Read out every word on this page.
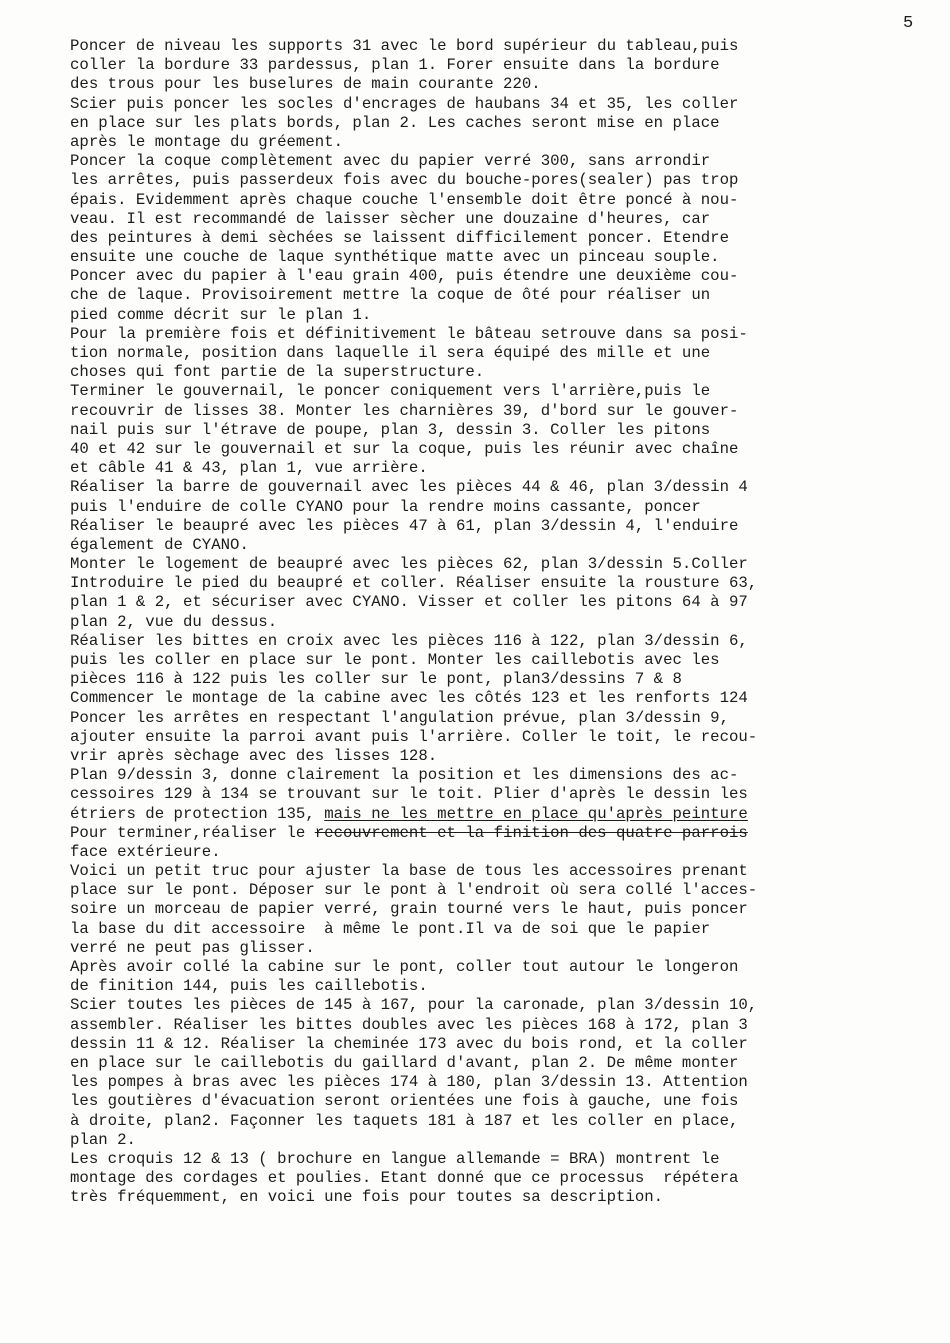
5
Poncer de niveau les supports 31 avec le bord supérieur du tableau,puis
coller la bordure 33 pardessus, plan 1. Forer ensuite dans la bordure
des trous pour les buselures de main courante 220.
Scier puis poncer les socles d'encrages de haubans 34 et 35, les coller
en place sur les plats bords, plan 2. Les caches seront mise en place
après le montage du gréement.
Poncer la coque complètement avec du papier verré 300, sans arrondir
les arrêtes, puis passerdeux fois avec du bouche-pores(sealer) pas trop
épais. Evidemment après chaque couche l'ensemble doit être poncé à nou-
veau. Il est recommandé de laisser sècher une douzaine d'heures, car
des peintures à demi sèchées se laissent difficilement poncer. Etendre
ensuite une couche de laque synthétique matte avec un pinceau souple.
Poncer avec du papier à l'eau grain 400, puis étendre une deuxième cou-
che de laque. Provisoirement mettre la coque de ôté pour réaliser un
pied comme décrit sur le plan 1.
Pour la première fois et définitivement le bâteau setrouve dans sa posi-
tion normale, position dans laquelle il sera équipé des mille et une
choses qui font partie de la superstructure.
Terminer le gouvernail, le poncer coniquement vers l'arrière,puis le
recouvrir de lisses 38. Monter les charnières 39, d'bord sur le gouver-
nail puis sur l'étrave de poupe, plan 3, dessin 3. Coller les pitons
40 et 42 sur le gouvernail et sur la coque, puis les réunir avec chaîne
et câble 41 & 43, plan 1, vue arrière.
Réaliser la barre de gouvernail avec les pièces 44 & 46, plan 3/dessin 4
puis l'enduire de colle CYANO pour la rendre moins cassante, poncer
Réaliser le beaupré avec les pièces 47 à 61, plan 3/dessin 4, l'enduire
également de CYANO.
Monter le logement de beaupré avec les pièces 62, plan 3/dessin 5.Coller
Introduire le pied du beaupré et coller. Réaliser ensuite la rousture 63,
plan 1 & 2, et sécuriser avec CYANO. Visser et coller les pitons 64 à 97
plan 2, vue du dessus.
Réaliser les bittes en croix avec les pièces 116 à 122, plan 3/dessin 6,
puis les coller en place sur le pont. Monter les caillebotis avec les
pièces 116 à 122 puis les coller sur le pont, plan3/dessins 7 & 8
Commencer le montage de la cabine avec les côtés 123 et les renforts 124
Poncer les arrêtes en respectant l'angulation prévue, plan 3/dessin 9,
ajouter ensuite la parroi avant puis l'arrière. Coller le toit, le recou-
vrir après sèchage avec des lisses 128.
Plan 9/dessin 3, donne clairement la position et les dimensions des ac-
cessoires 129 à 134 se trouvant sur le toit. Plier d'après le dessin les
étriers de protection 135, mais ne les mettre en place qu'après peinture
Pour terminer,réaliser le recouvrement et la finition des quatre parrois
face extérieure.
Voici un petit truc pour ajuster la base de tous les accessoires prenant
place sur le pont. Déposer sur le pont à l'endroit où sera collé l'acces-
soire un morceau de papier verré, grain tourné vers le haut, puis poncer
la base du dit accessoire  à même le pont.Il va de soi que le papier
verré ne peut pas glisser.
Après avoir collé la cabine sur le pont, coller tout autour le longeron
de finition 144, puis les caillebotis.
Scier toutes les pièces de 145 à 167, pour la caronade, plan 3/dessin 10,
assembler. Réaliser les bittes doubles avec les pièces 168 à 172, plan 3
dessin 11 & 12. Réaliser la cheminée 173 avec du bois rond, et la coller
en place sur le caillebotis du gaillard d'avant, plan 2. De même monter
les pompes à bras avec les pièces 174 à 180, plan 3/dessin 13. Attention
les goutières d'évacuation seront orientées une fois à gauche, une fois
à droite, plan2. Façonner les taquets 181 à 187 et les coller en place,
plan 2.
Les croquis 12 & 13 ( brochure en langue allemande = BRA) montrent le
montage des cordages et poulies. Etant donné que ce processus  répétera
très fréquemment, en voici une fois pour toutes sa description.
